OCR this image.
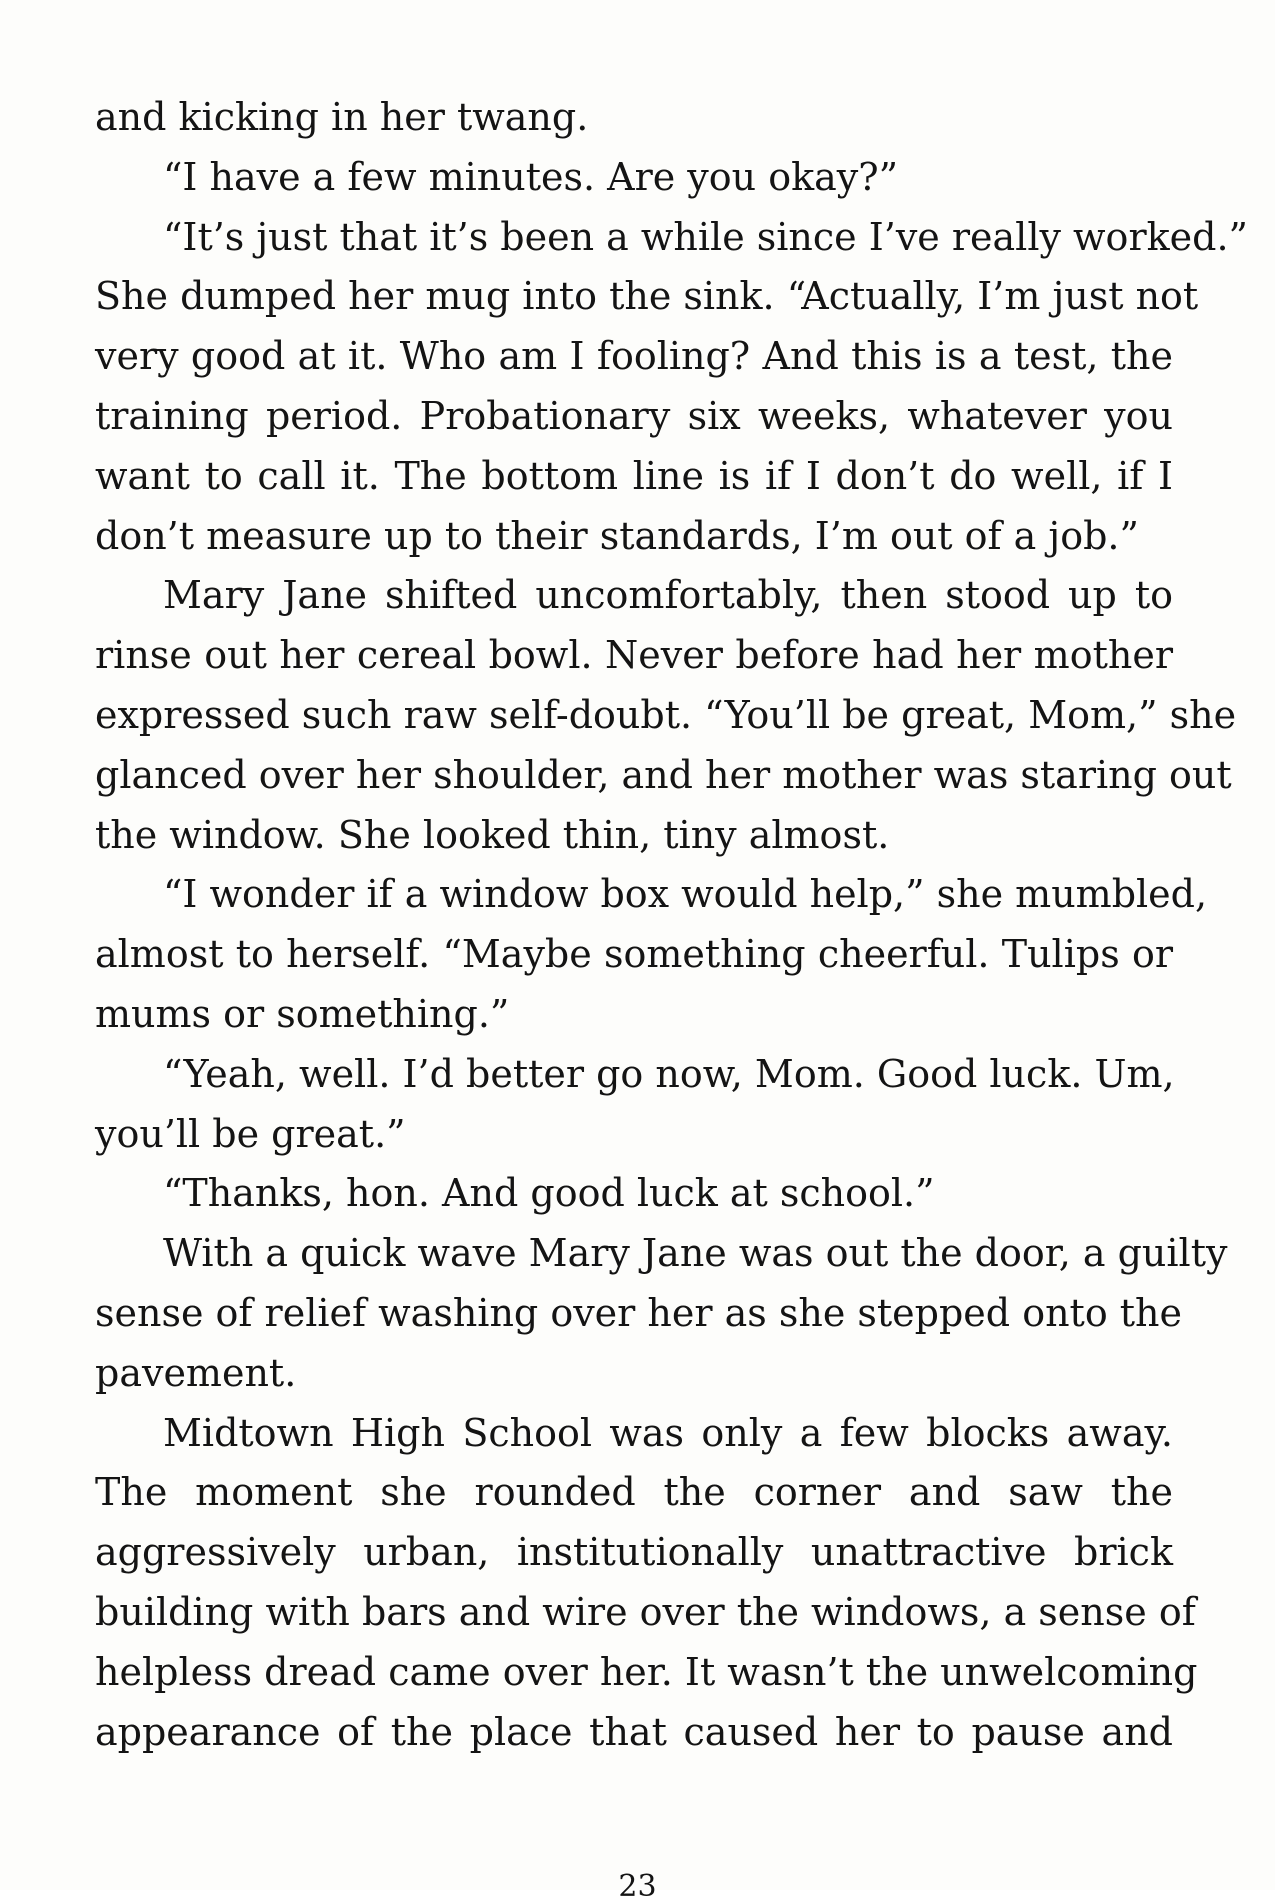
and kicking in her twang.
“I have a few minutes. Are you okay?”
“It’s just that it’s been a while since I’ve really worked.”
She dumped her mug into the sink. “Actually, I’m just not
very good at it. Who am I fooling? And this is a test, the
training period. Probationary six weeks, whatever you
want to call it. The bottom line is if I don’t do well, if I
don’t measure up to their standards, I’m out of a job.”
Mary Jane shifted uncomfortably, then stood up to
rinse out her cereal bowl. Never before had her mother
expressed such raw self-doubt. “You’ll be great, Mom,” she
glanced over her shoulder, and her mother was staring out
the window. She looked thin, tiny almost.
“I wonder if a window box would help,” she mumbled,
almost to herself. “Maybe something cheerful. Tulips or
mums or something.”
“Yeah, well. I’d better go now, Mom. Good luck. Um,
you’ll be great.”
“Thanks, hon. And good luck at school.”
With a quick wave Mary Jane was out the door, a guilty
sense of relief washing over her as she stepped onto the
pavement.
Midtown High School was only a few blocks away.
The moment she rounded the corner and saw the
aggressively urban, institutionally unattractive brick
building with bars and wire over the windows, a sense of
helpless dread came over her. It wasn’t the unwelcoming
appearance of the place that caused her to pause and
23
